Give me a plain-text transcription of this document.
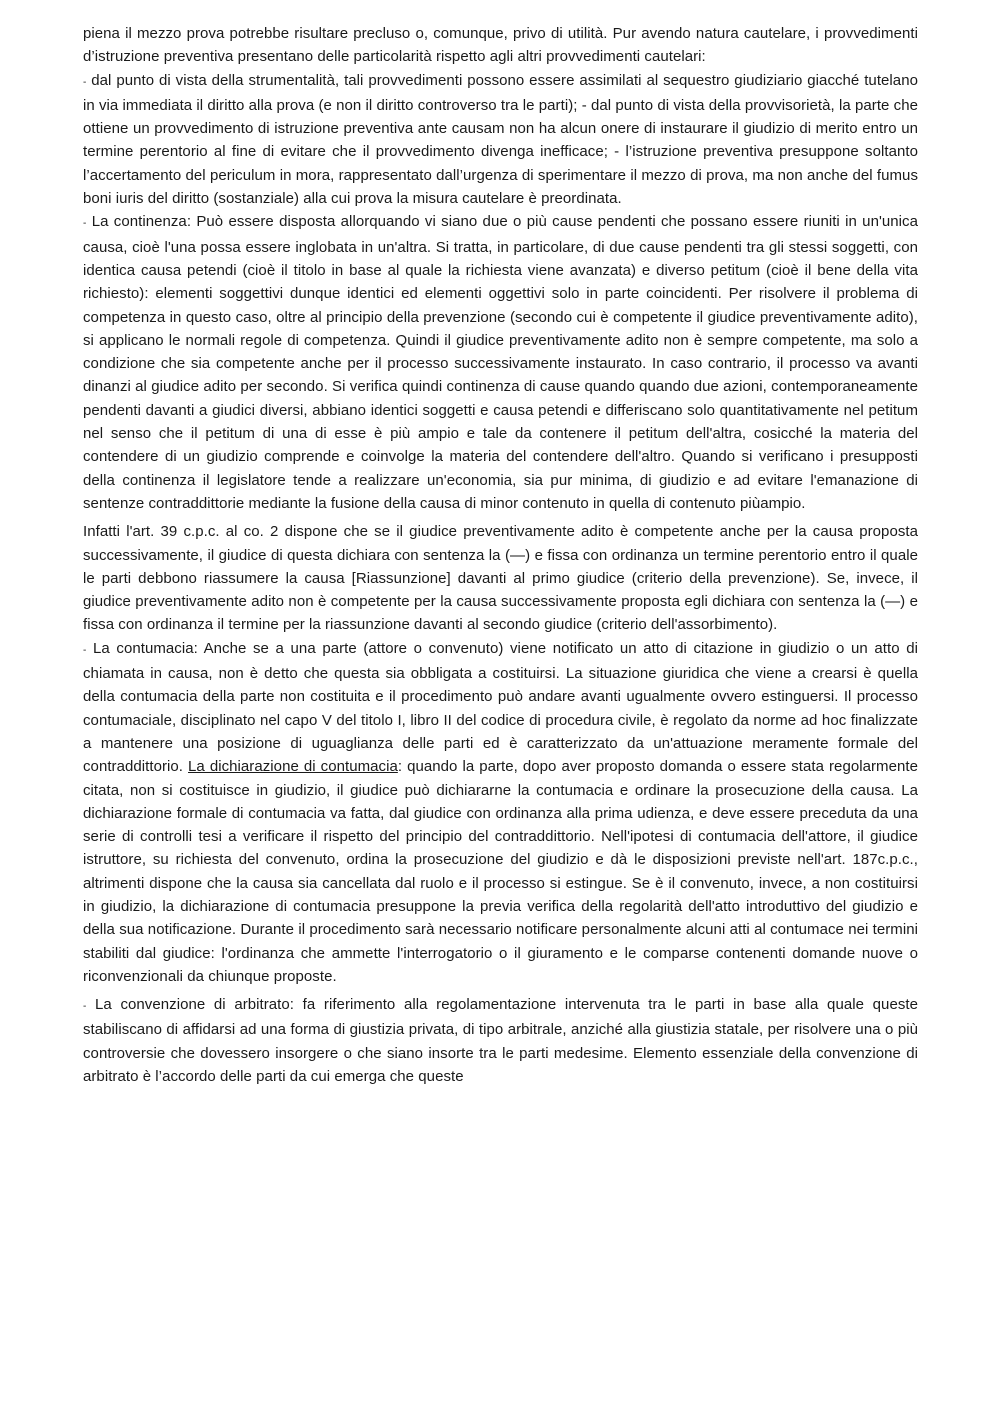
piena il mezzo prova potrebbe risultare precluso o, comunque, privo di utilità. Pur avendo natura cautelare, i provvedimenti d’istruzione preventiva presentano delle particolarità rispetto agli altri provvedimenti cautelari:

- dal punto di vista della strumentalità, tali provvedimenti possono essere assimilati al sequestro giudiziario giacché tutelano in via immediata il diritto alla prova (e non il diritto controverso tra le parti); - dal punto di vista della provvisorietà, la parte che ottiene un provvedimento di istruzione preventiva ante causam non ha alcun onere di instaurare il giudizio di merito entro un termine perentorio al fine di evitare che il provvedimento divenga inefficace; - l’istruzione preventiva presuppone soltanto l’accertamento del periculum in mora, rappresentato dall’urgenza di sperimentare il mezzo di prova, ma non anche del fumus boni iuris del diritto (sostanziale) alla cui prova la misura cautelare è preordinata.

- La continenza: Può essere disposta allorquando vi siano due o più cause pendenti che possano essere riuniti in un'unica causa, cioè l'una possa essere inglobata in un'altra. Si tratta, in particolare, di due cause pendenti tra gli stessi soggetti, con identica causa petendi (cioè il titolo in base al quale la richiesta viene avanzata) e diverso petitum (cioè il bene della vita richiesto): elementi soggettivi dunque identici ed elementi oggettivi solo in parte coincidenti. Per risolvere il problema di competenza in questo caso, oltre al principio della prevenzione (secondo cui è competente il giudice preventivamente adito), si applicano le normali regole di competenza. Quindi il giudice preventivamente adito non è sempre competente, ma solo a condizione che sia competente anche per il processo successivamente instaurato. In caso contrario, il processo va avanti dinanzi al giudice adito per secondo. Si verifica quindi continenza di cause quando quando due azioni, contemporaneamente pendenti davanti a giudici diversi, abbiano identici soggetti e causa petendi e differiscano solo quantitativamente nel petitum nel senso che il petitum di una di esse è più ampio e tale da contenere il petitum dell'altra, cosicché la materia del contendere di un giudizio comprende e coinvolge la materia del contendere dell'altro. Quando si verificano i presupposti della continenza il legislatore tende a realizzare un'economia, sia pur minima, di giudizio e ad evitare l'emanazione di sentenze contraddittorie mediante la fusione della causa di minor contenuto in quella di contenuto piùampio.

Infatti l'art. 39 c.p.c. al co. 2 dispone che se il giudice preventivamente adito è competente anche per la causa proposta successivamente, il giudice di questa dichiara con sentenza la (—) e fissa con ordinanza un termine perentorio entro il quale le parti debbono riassumere la causa [Riassunzione] davanti al primo giudice (criterio della prevenzione). Se, invece, il giudice preventivamente adito non è competente per la causa successivamente proposta egli dichiara con sentenza la (—) e fissa con ordinanza il termine per la riassunzione davanti al secondo giudice (criterio dell'assorbimento).

- La contumacia: Anche se a una parte (attore o convenuto) viene notificato un atto di citazione in giudizio o un atto di chiamata in causa, non è detto che questa sia obbligata a costituirsi. La situazione giuridica che viene a crearsi è quella della contumacia della parte non costituita e il procedimento può andare avanti ugualmente ovvero estinguersi. Il processo contumaciale, disciplinato nel capo V del titolo I, libro II del codice di procedura civile, è regolato da norme ad hoc finalizzate a mantenere una posizione di uguaglianza delle parti ed è caratterizzato da un'attuazione meramente formale del contraddittorio. La dichiarazione di contumacia: quando la parte, dopo aver proposto domanda o essere stata regolarmente citata, non si costituisce in giudizio, il giudice può dichiararne la contumacia e ordinare la prosecuzione della causa. La dichiarazione formale di contumacia va fatta, dal giudice con ordinanza alla prima udienza, e deve essere preceduta da una serie di controlli tesi a verificare il rispetto del principio del contraddittorio. Nell'ipotesi di contumacia dell'attore, il giudice istruttore, su richiesta del convenuto, ordina la prosecuzione del giudizio e dà le disposizioni previste nell'art. 187c.p.c., altrimenti dispone che la causa sia cancellata dal ruolo e il processo si estingue. Se è il convenuto, invece, a non costituirsi in giudizio, la dichiarazione di contumacia presuppone la previa verifica della regolarità dell'atto introduttivo del giudizio e della sua notificazione. Durante il procedimento sarà necessario notificare personalmente alcuni atti al contumace nei termini stabiliti dal giudice: l'ordinanza che ammette l'interrogatorio o il giuramento e le comparse contenenti domande nuove o riconvenzionali da chiunque proposte.

- La convenzione di arbitrato: fa riferimento alla regolamentazione intervenuta tra le parti in base alla quale queste stabiliscano di affidarsi ad una forma di giustizia privata, di tipo arbitrale, anziché alla giustizia statale, per risolvere una o più controversie che dovessero insorgere o che siano insorte tra le parti medesime. Elemento essenziale della convenzione di arbitrato è l’accordo delle parti da cui emerga che queste
